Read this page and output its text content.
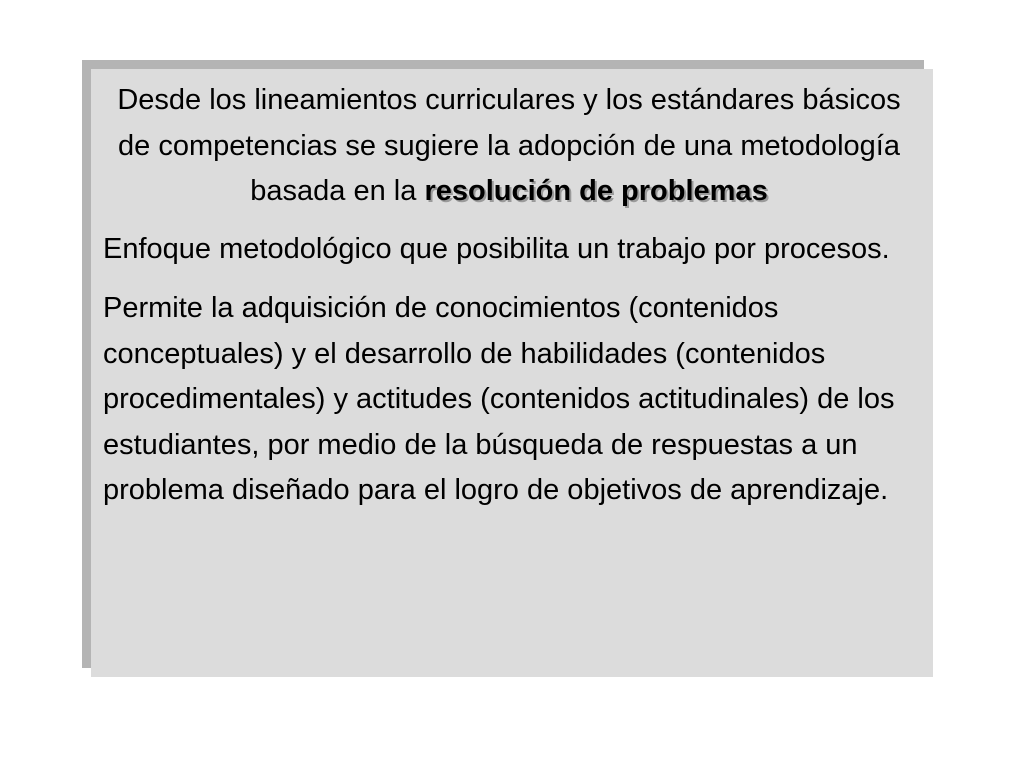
Desde los lineamientos curriculares y los estándares básicos de competencias se sugiere la adopción de una metodología basada en la resolución de problemas

Enfoque metodológico que posibilita un trabajo por procesos.

Permite la adquisición de conocimientos (contenidos conceptuales) y el desarrollo de habilidades (contenidos procedimentales) y actitudes (contenidos actitudinales) de los estudiantes, por medio de la búsqueda de respuestas a un problema diseñado para el logro de objetivos de aprendizaje.
